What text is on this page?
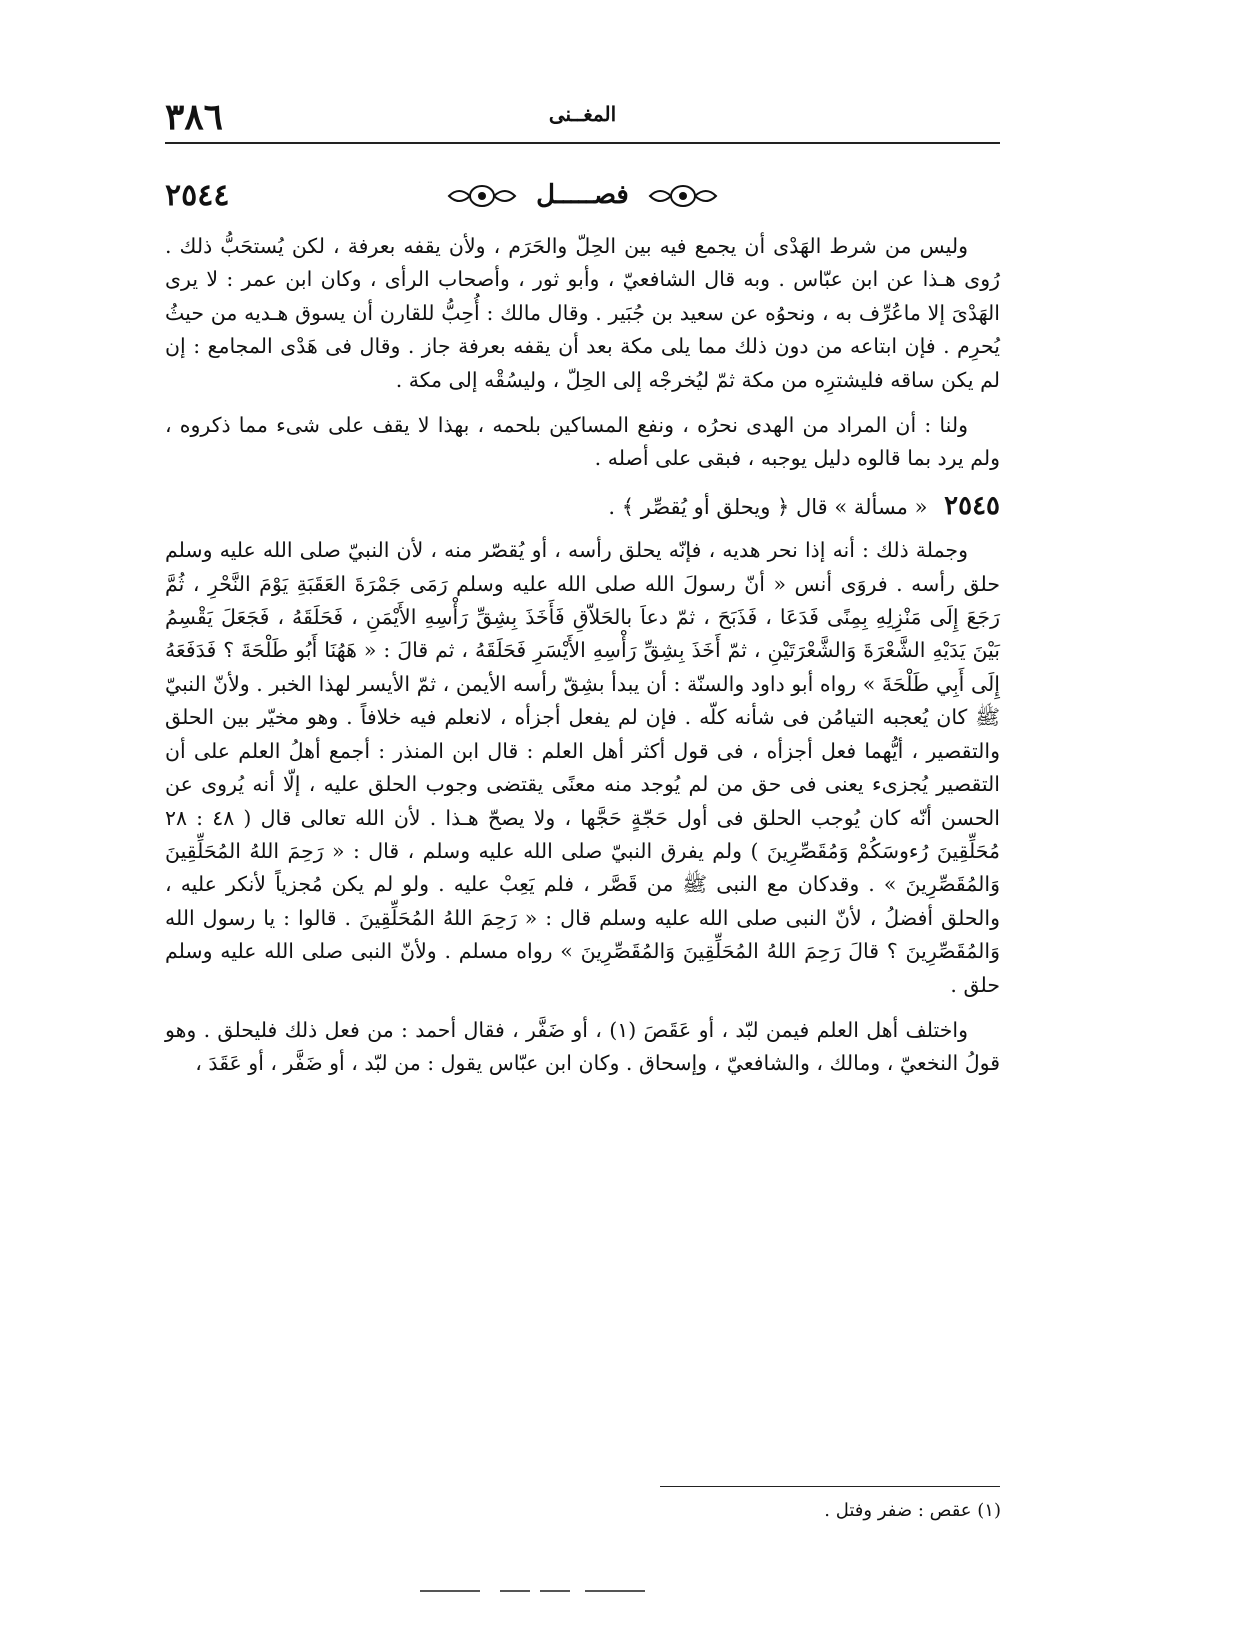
٣٨٦	المغــنى
٢٥٤٤	فصـــــل

وليس من شرط الهَدْى أن يجمع فيه بين الحِلّ والحَرَم ، ولأن يقفه بعرفة ، لكن يُستحَبُّ ذلك . رُوى هـذا عن ابن عبّاس . وبه قال الشافعيّ ، وأبو ثور ، وأصحاب الرأى ، وكان ابن عمر : لا يرى الهَدْىَ إلا ماعُرِّف به ، ونحوُه عن سعيد بن جُبَير . وقال مالك : أُحِبُّ للقارن أن يسوق هـديه من حيثُ يُحرِم . فإن ابتاعه من دون ذلك مما يلى مكة بعد أن يقفه بعرفة جاز . وقال فى هَدْى المجامع : إن لم يكن ساقه فليشترِه من مكة ثمّ ليُخرجْه إلى الحِلّ ، وليسُقْه إلى مكة .

ولنا : أن المراد من الهدى نحرُه ، ونفع المساكين بلحمه ، بهذا لا يقف على شىء مما ذكروه ، ولم يرد بما قالوه دليل يوجبه ، فبقى على أصله .

٢٥٤٥ « مسألة » قال ﴿ ويحلق أو يُقصِّر ﴾ .

وجملة ذلك : أنه إذا نحر هديه ، فإنّه يحلق رأسه ، أو يُقصّر منه ، لأن النبيّ صلى الله عليه وسلم حلق رأسه . فروَى أنس « أنّ رسولَ الله صلى الله عليه وسلم رَمَى جَمْرَةَ العَقَبَةِ يَوْمَ النَّحْرِ ، ثُمَّ رَجَعَ إِلَى مَنْزِلِهِ بِمِنًى فَدَعَا ، فَذَبَحَ ، ثمّ دعاَ بالحَلاّقِ فَأَخَذَ بِشِقِّ رَأْسِهِ الأَيْمَنِ ، فَحَلَقَهُ ، فَجَعَلَ يَقْسِمُ بَيْنَ يَدَيْهِ الشَّعْرَةَ وَالشَّعْرَتَيْنِ ، ثمّ أَخَذَ بِشِقِّ رَأْسِهِ الأَيْسَرِ فَحَلَقَهُ ، ثم قالَ : « هَهُنَا أَبُو طَلْحَةَ ؟ فَدَفَعَهُ إِلَى أَبِي طَلْحَةَ » رواه أبو داود والسنّة : أن يبدأ بشِقّ رأسه الأيمن ، ثمّ الأيسر لهذا الخبر . ولأنّ النبيّ ﷺ كان يُعجبه التيامُن فى شأنه كلّه . فإن لم يفعل أجزأه ، لانعلم فيه خلافاً . وهو مخيّر بين الحلق والتقصير ، أيُّهما فعل أجزأه ، فى قول أكثر أهل العلم : قال ابن المنذر : أجمع أهلُ العلم على أن التقصير يُجزىء يعنى فى حق من لم يُوجد منه معنًى يقتضى وجوب الحلق عليه ، إلّا أنه يُروى عن الحسن أنّه كان يُوجب الحلق فى أول حَجّةٍ حَجَّها ، ولا يصحّ هـذا . لأن الله تعالى قال ( ٤٨ : ٢٨ مُحَلِّقِينَ رُءوسَكُمْ وَمُقَصِّرِينَ ) ولم يفرق النبيّ صلى الله عليه وسلم ، قال : « رَحِمَ اللهُ المُحَلِّقِينَ وَالمُقَصِّرِينَ » . وقدكان مع النبى ﷺ من قَصَّر ، فلم يَعِبْ عليه . ولو لم يكن مُجزياً لأنكر عليه ، والحلق أفضلُ ، لأنّ النبى صلى الله عليه وسلم قال : « رَحِمَ اللهُ المُحَلِّقِينَ . قالوا : يا رسول الله وَالمُقَصِّرِينَ ؟ قالَ رَحِمَ اللهُ المُحَلِّقِينَ وَالمُقَصِّرِينَ » رواه مسلم . ولأنّ النبى صلى الله عليه وسلم حلق .

واختلف أهل العلم فيمن لبّد ، أو عَقَصَ (١) ، أو ضَفَّر ، فقال أحمد : من فعل ذلك فليحلق . وهو قولُ النخعيّ ، ومالك ، والشافعيّ ، وإسحاق . وكان ابن عبّاس يقول : من لبّد ، أو ضَفَّر ، أو عَقَدَ ،

(١) عقص : ضفر وفتل .
